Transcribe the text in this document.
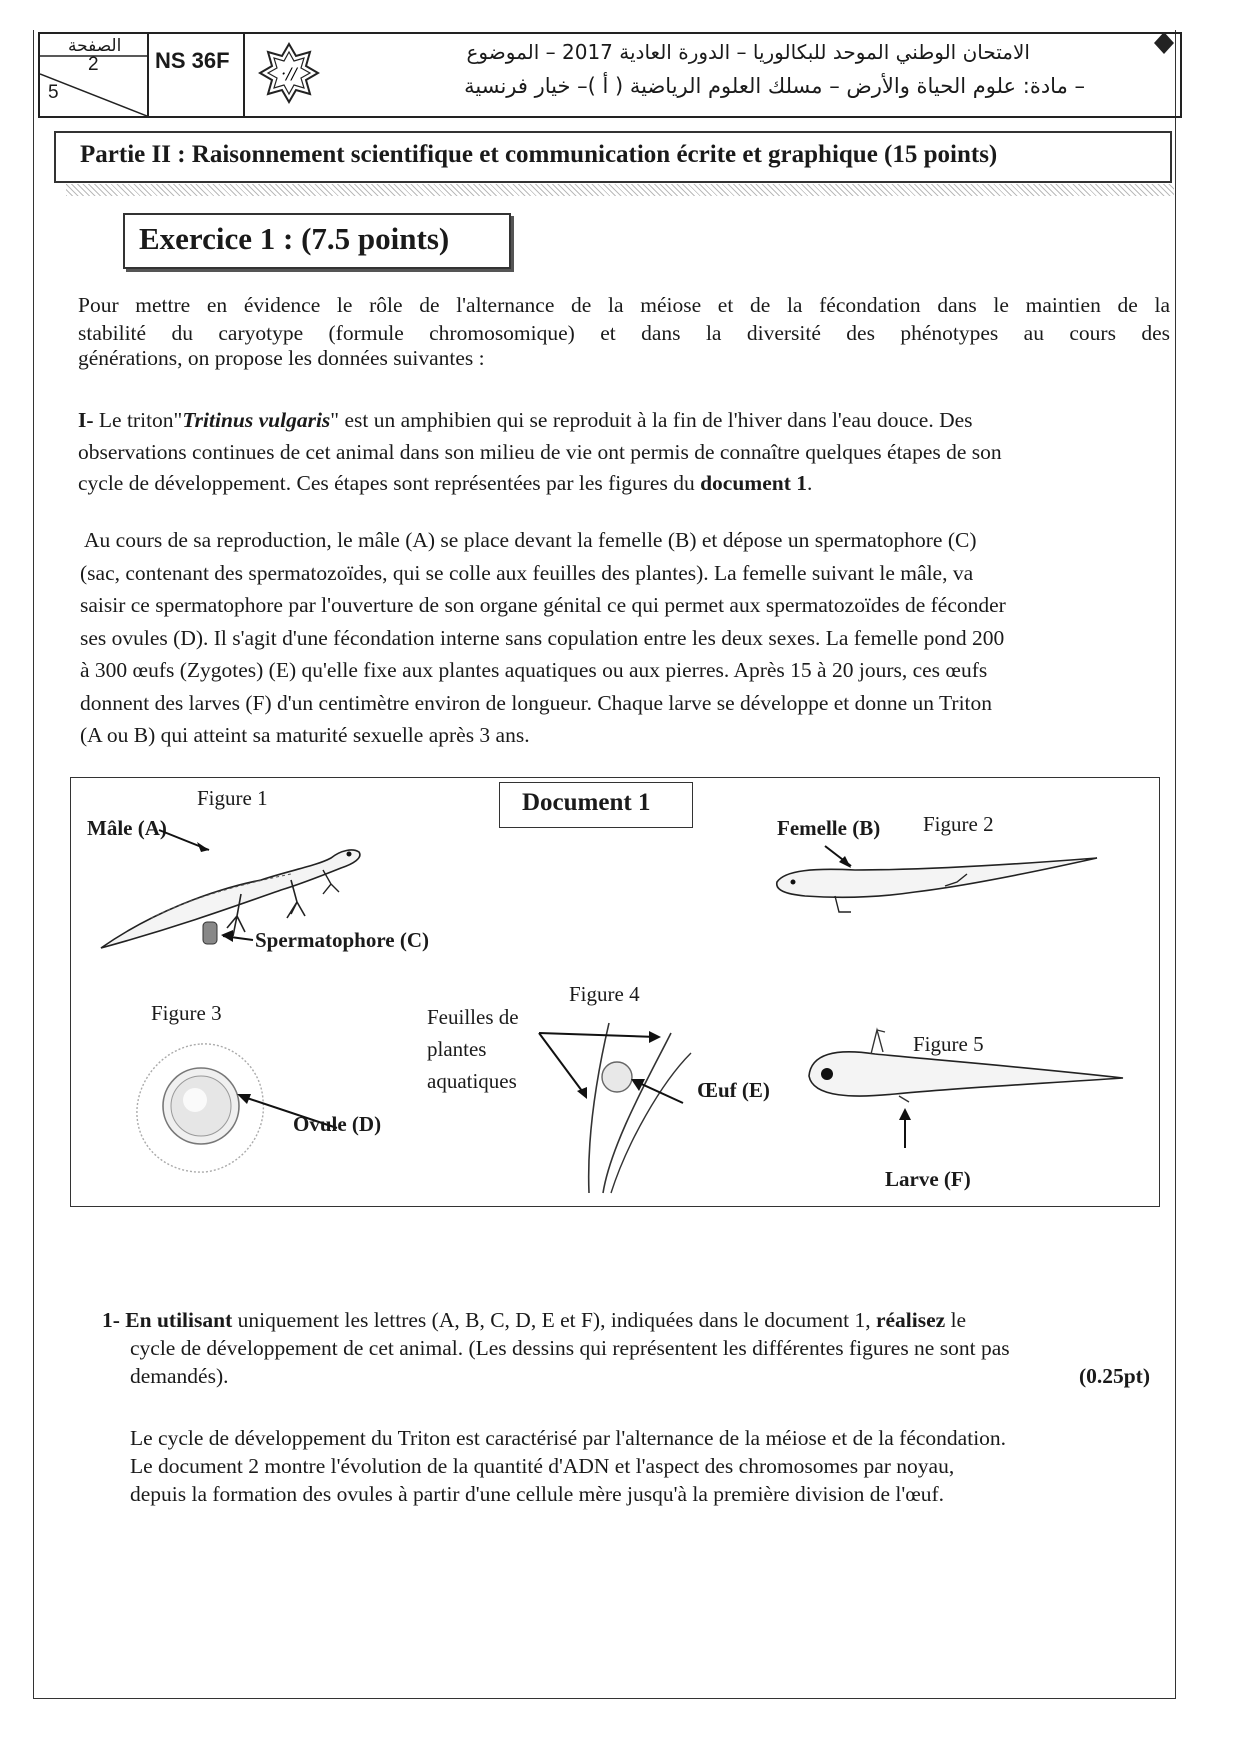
الصفحة
2
5
NS 36F
·//
الامتحان الوطني الموحد للبكالوريا – الدورة العادية 2017 – الموضوع
– مادة: علوم الحياة والأرض – مسلك العلوم الرياضية ( أ )– خيار فرنسية
Partie II : Raisonnement scientifique et communication écrite et graphique (15 points)
Exercice 1 : (7.5 points)
Pour mettre en évidence le rôle de l'alternance de la méiose et de la fécondation dans le maintien de la
stabilité du caryotype (formule chromosomique) et dans la diversité des phénotypes au cours des
générations, on propose les données suivantes :
I- Le triton"Tritinus vulgaris" est un amphibien qui se reproduit à la fin de l'hiver dans l'eau douce. Des
observations continues de cet animal dans son milieu de vie ont permis de connaître quelques étapes de son
cycle de développement. Ces étapes sont représentées par les figures du document 1.
Au cours de sa reproduction, le mâle (A) se place devant la femelle (B) et dépose un spermatophore (C)
(sac, contenant des spermatozoïdes, qui se colle aux feuilles des plantes). La femelle suivant le mâle, va
saisir ce spermatophore par l'ouverture de son organe génital ce qui permet aux spermatozoïdes de féconder
ses ovules (D). Il s'agit d'une fécondation interne sans copulation entre les deux sexes. La femelle pond 200
à 300 œufs (Zygotes) (E) qu'elle fixe aux plantes aquatiques ou aux pierres. Après 15 à 20 jours, ces œufs
donnent des larves (F) d'un centimètre environ de longueur. Chaque larve se développe et donne un Triton
(A ou B) qui atteint sa maturité sexuelle après 3 ans.
Document 1
Figure 1
Mâle (A)
Spermatophore (C)
Figure 2
Femelle (B)
Figure 3
Ovule (D)
Figure 4
Feuilles de
plantes
aquatiques	Œuf (E)
Figure 5
Larve (F)
1- En utilisant uniquement les lettres (A, B, C, D, E et F), indiquées dans le document 1, réalisez le
cycle de développement de cet animal. (Les dessins qui représentent les différentes figures ne sont pas
demandés).	(0.25pt)
Le cycle de développement du Triton est caractérisé par l'alternance de la méiose et de la fécondation.
Le document 2 montre l'évolution de la quantité d'ADN et l'aspect des chromosomes par noyau,
depuis la formation des ovules à partir d'une cellule mère jusqu'à la première division de l'œuf.
